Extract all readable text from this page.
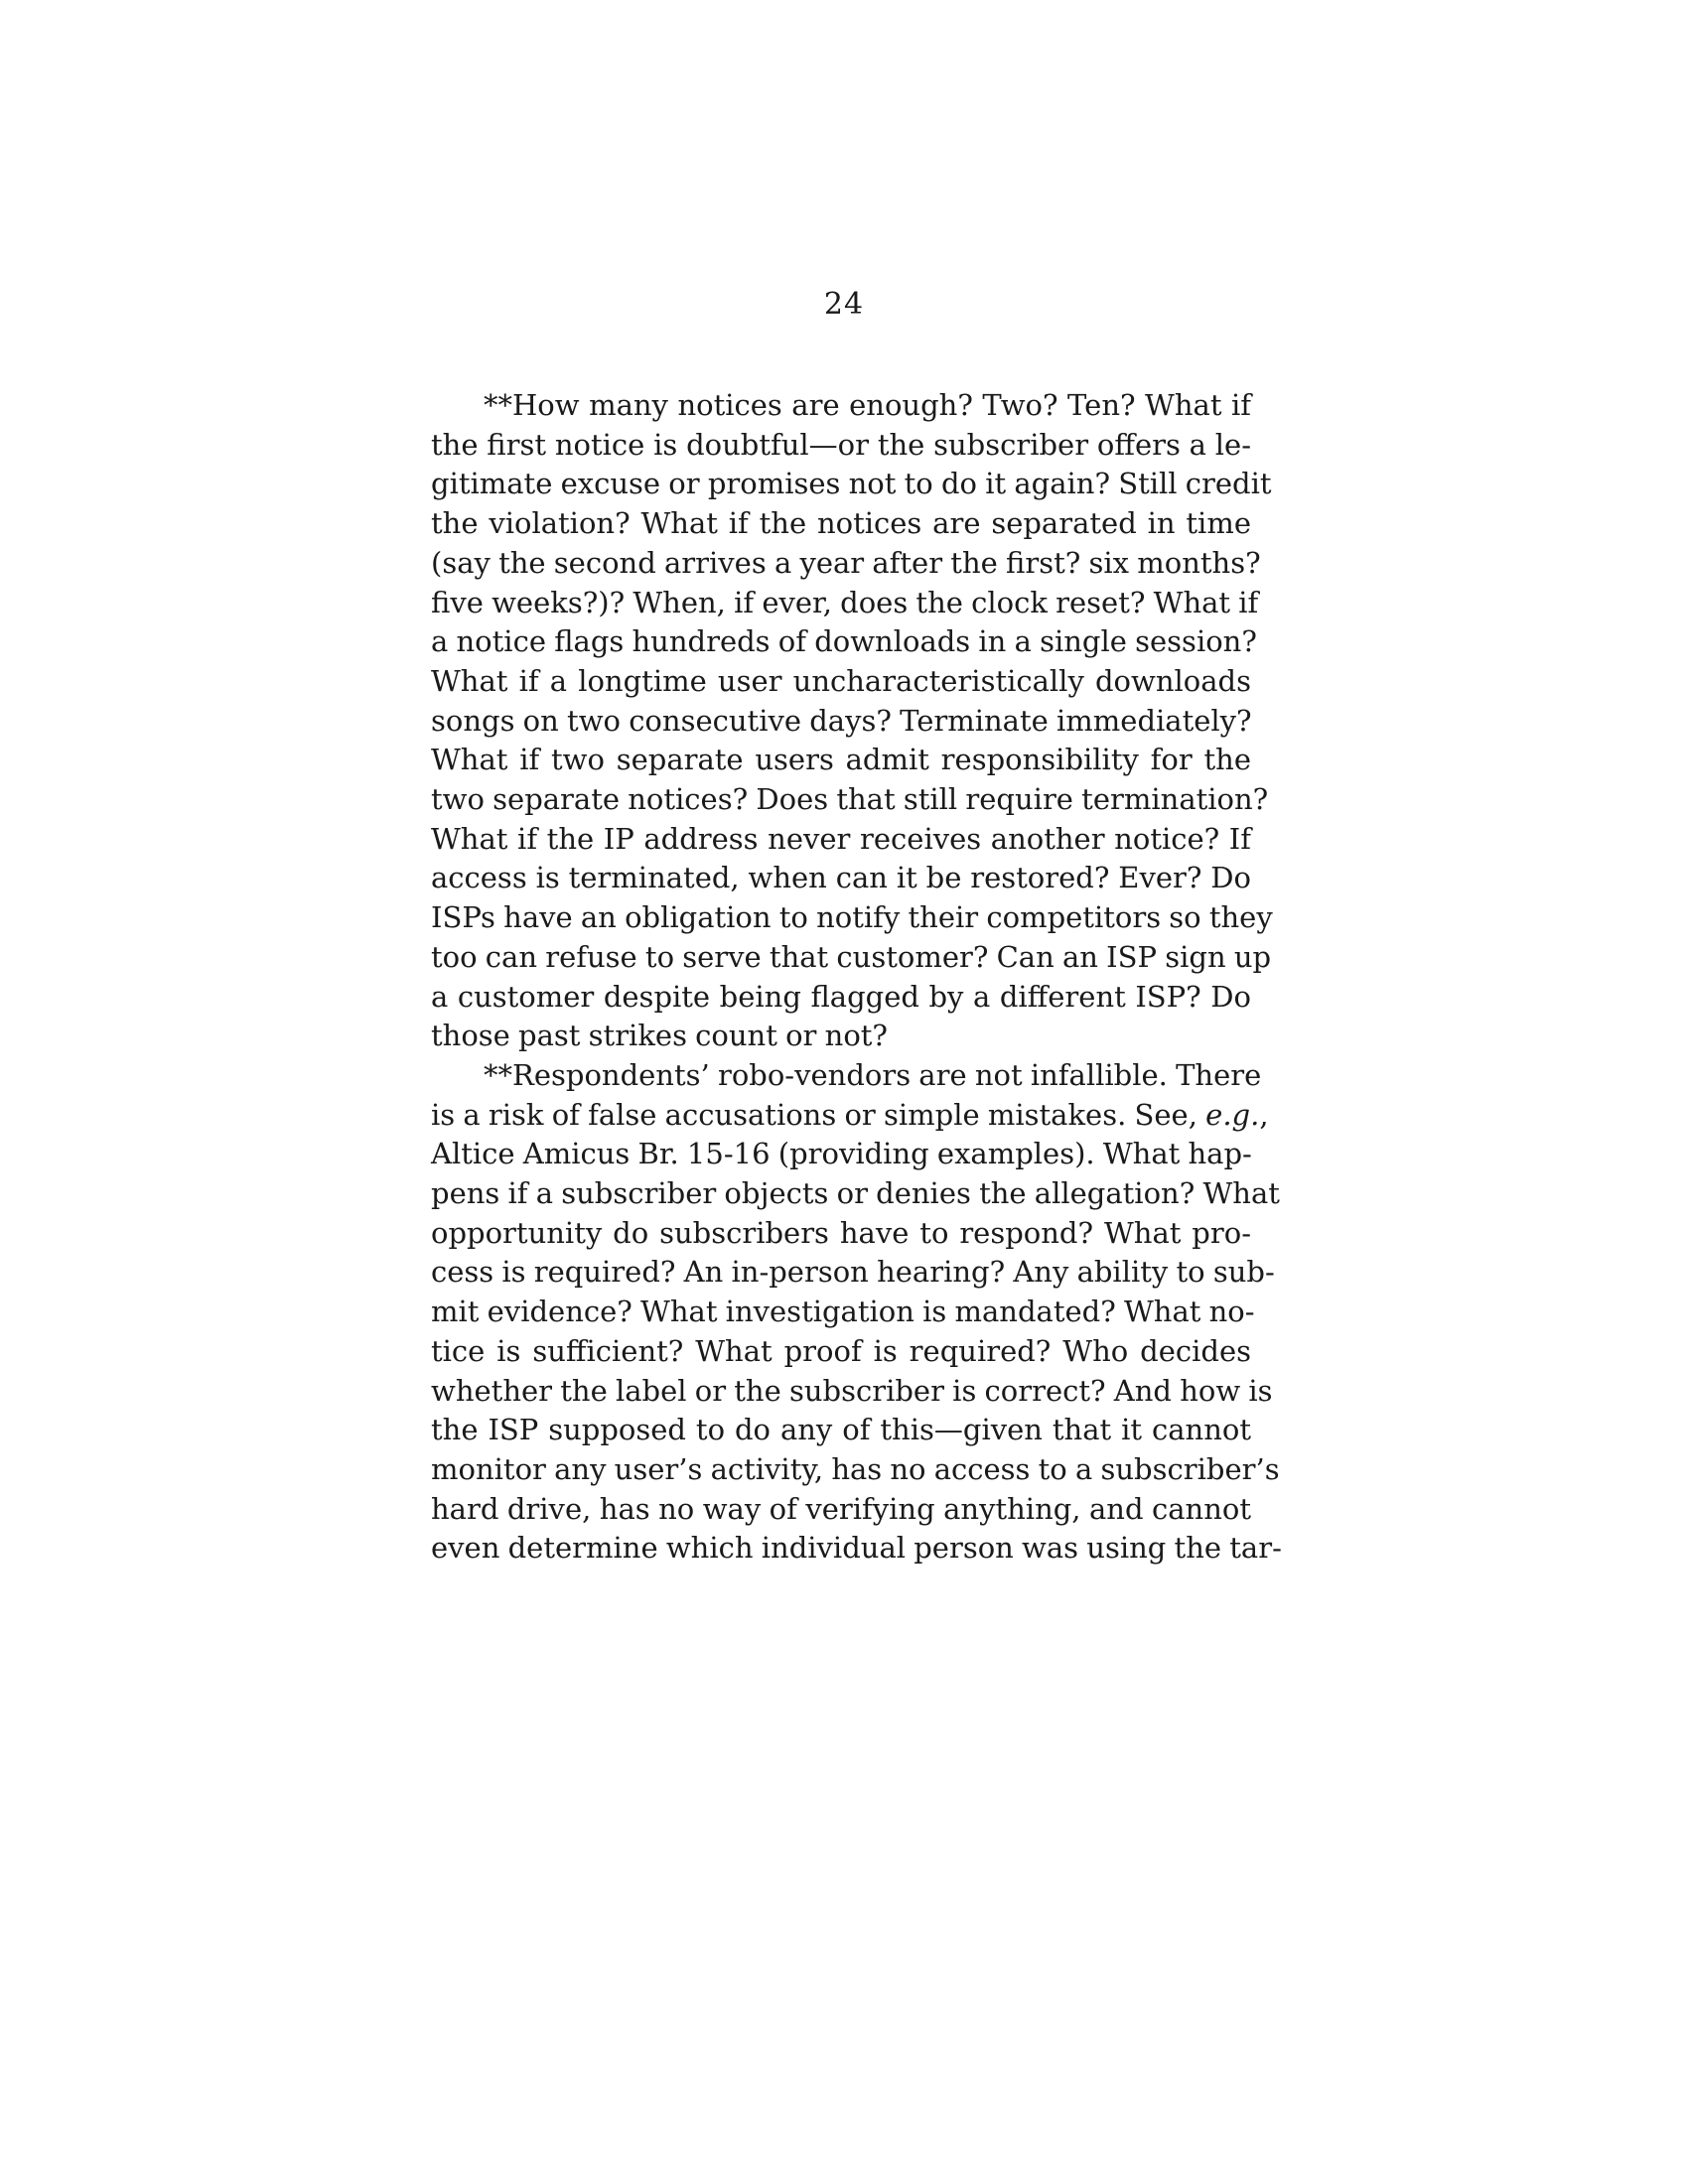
24

**How many notices are enough? Two? Ten? What if
the first notice is doubtful—or the subscriber offers a le-
gitimate excuse or promises not to do it again? Still credit
the violation? What if the notices are separated in time
(say the second arrives a year after the first? six months?
five weeks?)? When, if ever, does the clock reset? What if
a notice flags hundreds of downloads in a single session?
What if a longtime user uncharacteristically downloads
songs on two consecutive days? Terminate immediately?
What if two separate users admit responsibility for the
two separate notices? Does that still require termination?
What if the IP address never receives another notice? If
access is terminated, when can it be restored? Ever? Do
ISPs have an obligation to notify their competitors so they
too can refuse to serve that customer? Can an ISP sign up
a customer despite being flagged by a different ISP? Do
those past strikes count or not?

**Respondents’ robo-vendors are not infallible. There
is a risk of false accusations or simple mistakes. See, e.g.,
Altice Amicus Br. 15-16 (providing examples). What hap-
pens if a subscriber objects or denies the allegation? What
opportunity do subscribers have to respond? What pro-
cess is required? An in-person hearing? Any ability to sub-
mit evidence? What investigation is mandated? What no-
tice is sufficient? What proof is required? Who decides
whether the label or the subscriber is correct? And how is
the ISP supposed to do any of this—given that it cannot
monitor any user’s activity, has no access to a subscriber’s
hard drive, has no way of verifying anything, and cannot
even determine which individual person was using the tar-
